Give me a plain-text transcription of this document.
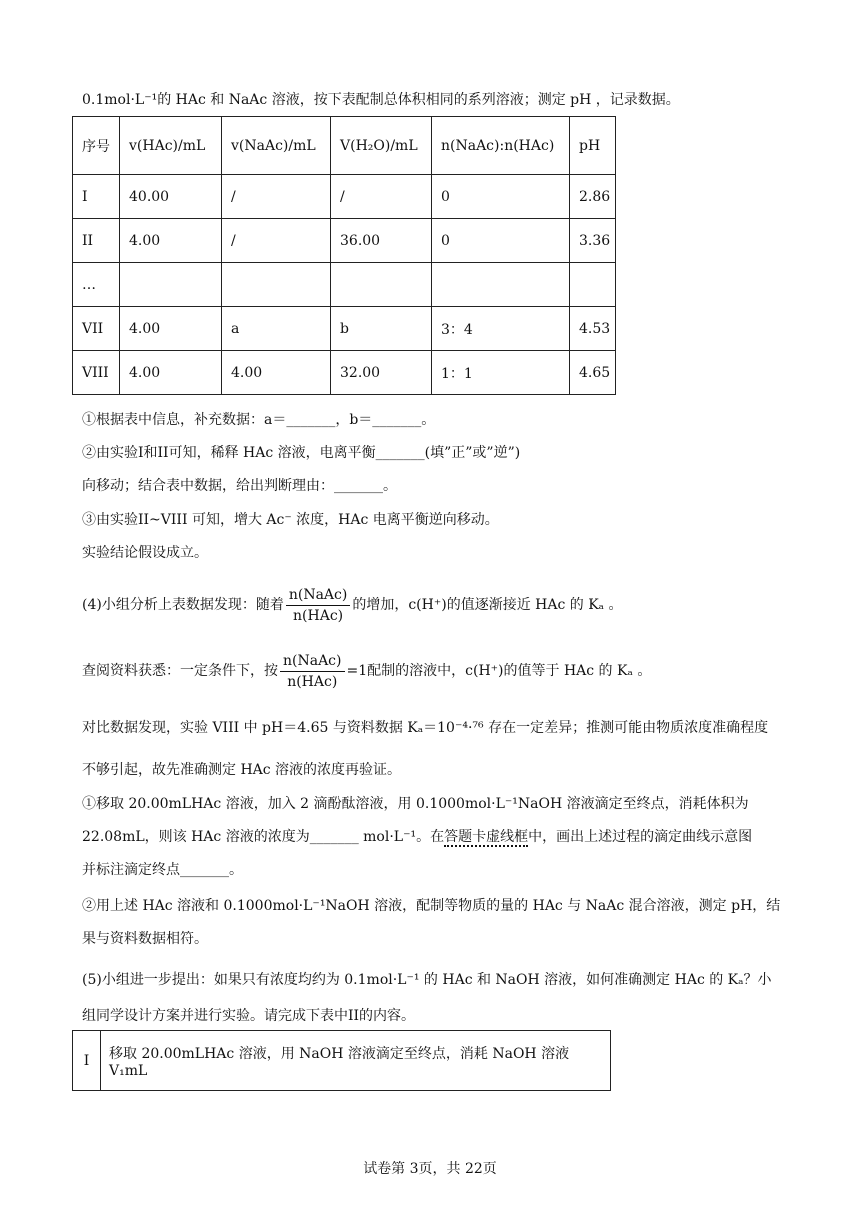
0.1mol·L⁻¹的 HAc 和 NaAc 溶液，按下表配制总体积相同的系列溶液；测定 pH ，记录数据。
序号	v(HAc)/mL	v(NaAc)/mL	V(H₂O)/mL	n(NaAc):n(HAc)	pH
I	40.00	/	/	0	2.86
II	4.00	/	36.00	0	3.36
…					
VII	4.00	a	b	3：4	4.53
VIII	4.00	4.00	32.00	1：1	4.65
①根据表中信息，补充数据：a＝_______，b＝_______。
②由实验I和II可知，稀释 HAc 溶液，电离平衡_______(填”正”或”逆”)
向移动；结合表中数据，给出判断理由：_______。
③由实验II~VIII 可知，增大 Ac⁻ 浓度，HAc 电离平衡逆向移动。
实验结论假设成立。
(4)小组分析上表数据发现：随着 $\frac{\text{n(NaAc)}}{\text{n(HAc)}}$ 的增加，c(H⁺)的值逐渐接近 HAc 的 Kₐ 。
查阅资料获悉：一定条件下，按 $\frac{\text{n(NaAc)}}{\text{n(HAc)}} =1$配制的溶液中，c(H⁺)的值等于 HAc 的 Kₐ 。
对比数据发现，实验 VIII 中 pH＝4.65 与资料数据 Kₐ＝10⁻⁴·⁷⁶ 存在一定差异；推测可能由物质浓度准确程度
不够引起，故先准确测定 HAc 溶液的浓度再验证。
①移取 20.00mLHAc 溶液，加入 2 滴酚酞溶液，用 0.1000mol·L⁻¹NaOH 溶液滴定至终点，消耗体积为
22.08mL，则该 HAc 溶液的浓度为_______ mol·L⁻¹。在答题卡虚线框中，画出上述过程的滴定曲线示意图
并标注滴定终点_______。
②用上述 HAc 溶液和 0.1000mol·L⁻¹NaOH 溶液，配制等物质的量的 HAc 与 NaAc 混合溶液，测定 pH，结
果与资料数据相符。
(5)小组进一步提出：如果只有浓度均约为 0.1mol·L⁻¹ 的 HAc 和 NaOH 溶液，如何准确测定 HAc 的 Kₐ？小
组同学设计方案并进行实验。请完成下表中II的内容。
I	移取 20.00mLHAc 溶液，用 NaOH 溶液滴定至终点，消耗 NaOH 溶液 V₁mL
试卷第 3页，共 22页
